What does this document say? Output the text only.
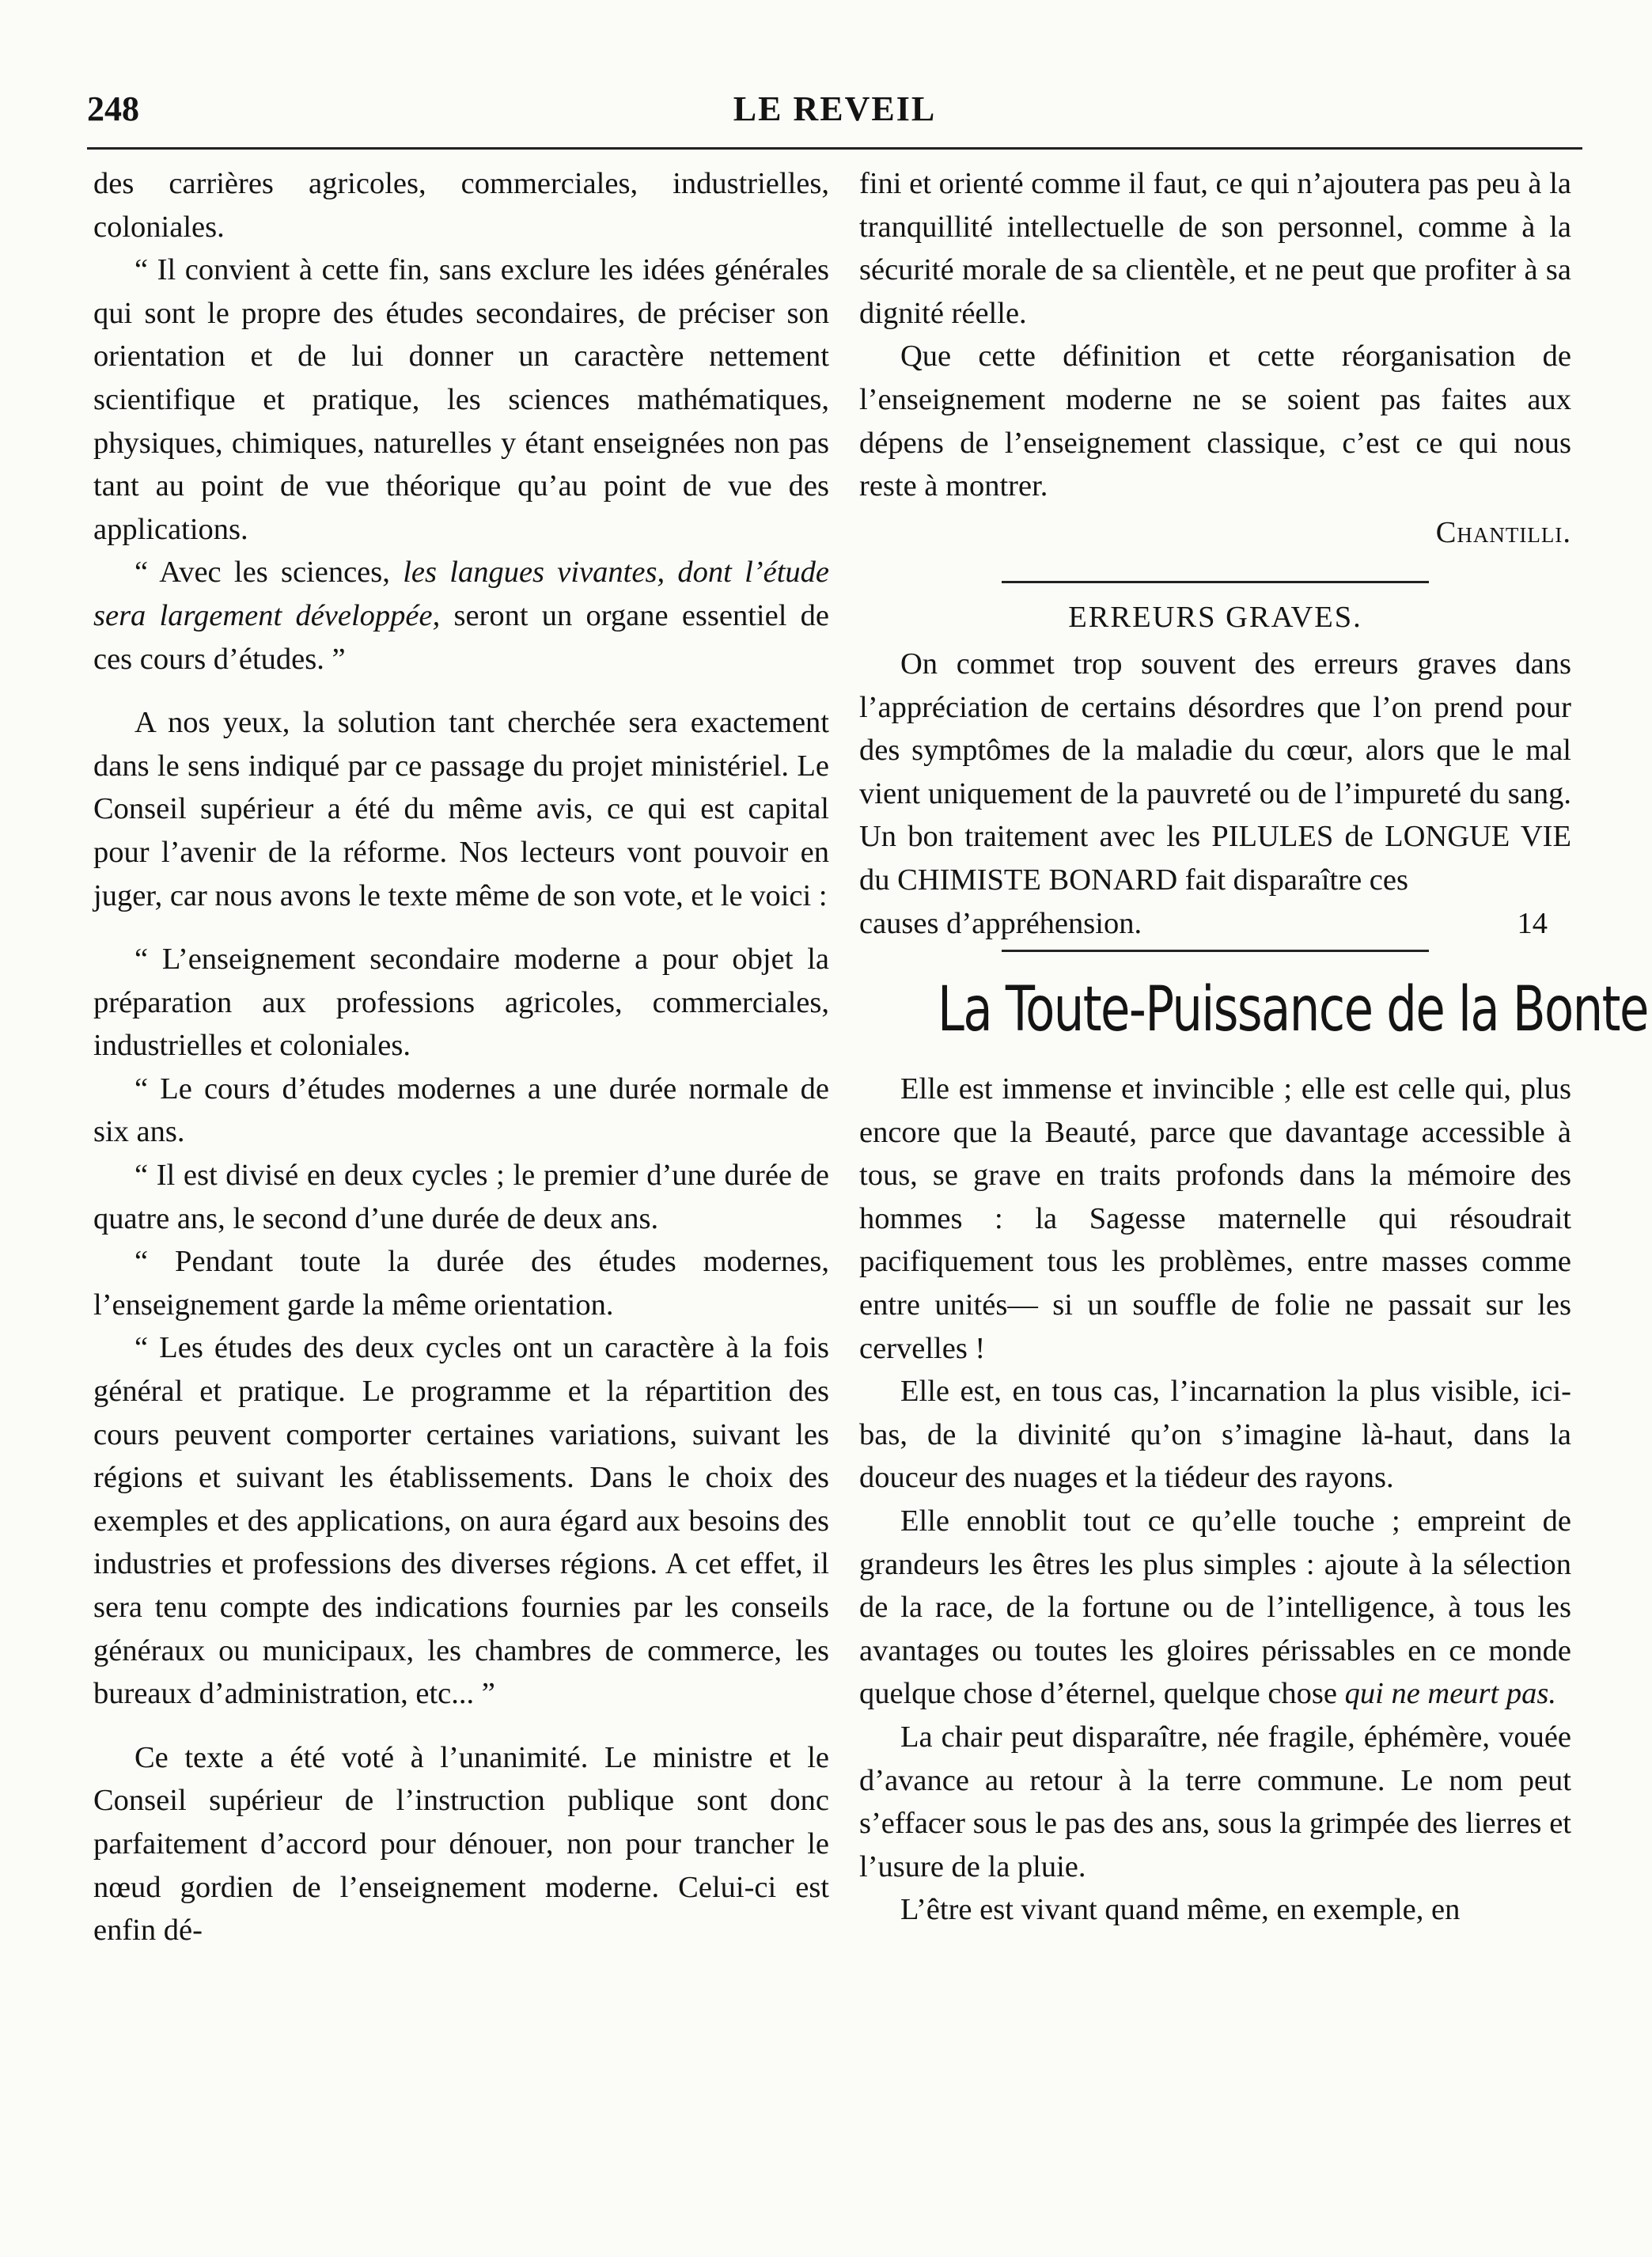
LE REVEIL
248

des carrières agricoles, commerciales, industrielles, coloniales.

“ Il convient à cette fin, sans exclure les idées générales qui sont le propre des études secondaires, de préciser son orientation et de lui donner un caractère nettement scientifique et pratique, les sciences mathématiques, physiques, chimiques, naturelles y étant enseignées non pas tant au point de vue théorique qu’au point de vue des applications.

“ Avec les sciences, les langues vivantes, dont l’étude sera largement développée, seront un organe essentiel de ces cours d’études. ”

A nos yeux, la solution tant cherchée sera exactement dans le sens indiqué par ce passage du projet ministériel. Le Conseil supérieur a été du même avis, ce qui est capital pour l’avenir de la réforme. Nos lecteurs vont pouvoir en juger, car nous avons le texte même de son vote, et le voici :

“ L’enseignement secondaire moderne a pour objet la préparation aux professions agricoles, commerciales, industrielles et coloniales.

“ Le cours d’études modernes a une durée normale de six ans.

“ Il est divisé en deux cycles ; le premier d’une durée de quatre ans, le second d’une durée de deux ans.

“ Pendant toute la durée des études modernes, l’enseignement garde la même orientation.

“ Les études des deux cycles ont un caractère à la fois général et pratique. Le programme et la répartition des cours peuvent comporter certaines variations, suivant les régions et suivant les établissements. Dans le choix des exemples et des applications, on aura égard aux besoins des industries et professions des diverses régions. A cet effet, il sera tenu compte des indications fournies par les conseils généraux ou municipaux, les chambres de commerce, les bureaux d’administration, etc... ”

Ce texte a été voté à l’unanimité. Le ministre et le Conseil supérieur de l’instruction publique sont donc parfaitement d’accord pour dénouer, non pour trancher le nœud gordien de l’enseignement moderne. Celui-ci est enfin dé-

fini et orienté comme il faut, ce qui n’ajoutera pas peu à la tranquillité intellectuelle de son personnel, comme à la sécurité morale de sa clientèle, et ne peut que profiter à sa dignité réelle.

Que cette définition et cette réorganisation de l’enseignement moderne ne se soient pas faites aux dépens de l’enseignement classique, c’est ce qui nous reste à montrer.

Chantilli.

ERREURS GRAVES.

On commet trop souvent des erreurs graves dans l’appréciation de certains désordres que l’on prend pour des symptômes de la maladie du cœur, alors que le mal vient uniquement de la pauvreté ou de l’impureté du sang. Un bon traitement avec les PILULES de LONGUE VIE du CHIMISTE BONARD fait disparaître ces

causes d’appréhension.	14

La Toute-Puissance de la Bonte

Elle est immense et invincible ; elle est celle qui, plus encore que la Beauté, parce que davantage accessible à tous, se grave en traits profonds dans la mémoire des hommes : la Sagesse maternelle qui résoudrait pacifiquement tous les problèmes, entre masses comme entre unités— si un souffle de folie ne passait sur les cervelles !

Elle est, en tous cas, l’incarnation la plus visible, ici-bas, de la divinité qu’on s’imagine là-haut, dans la douceur des nuages et la tiédeur des rayons.

Elle ennoblit tout ce qu’elle touche ; empreint de grandeurs les êtres les plus simples : ajoute à la sélection de la race, de la fortune ou de l’intelligence, à tous les avantages ou toutes les gloires périssables en ce monde quelque chose d’éternel, quelque chose qui ne meurt pas.

La chair peut disparaître, née fragile, éphémère, vouée d’avance au retour à la terre commune. Le nom peut s’effacer sous le pas des ans, sous la grimpée des lierres et l’usure de la pluie.

L’être est vivant quand même, en exemple, en
